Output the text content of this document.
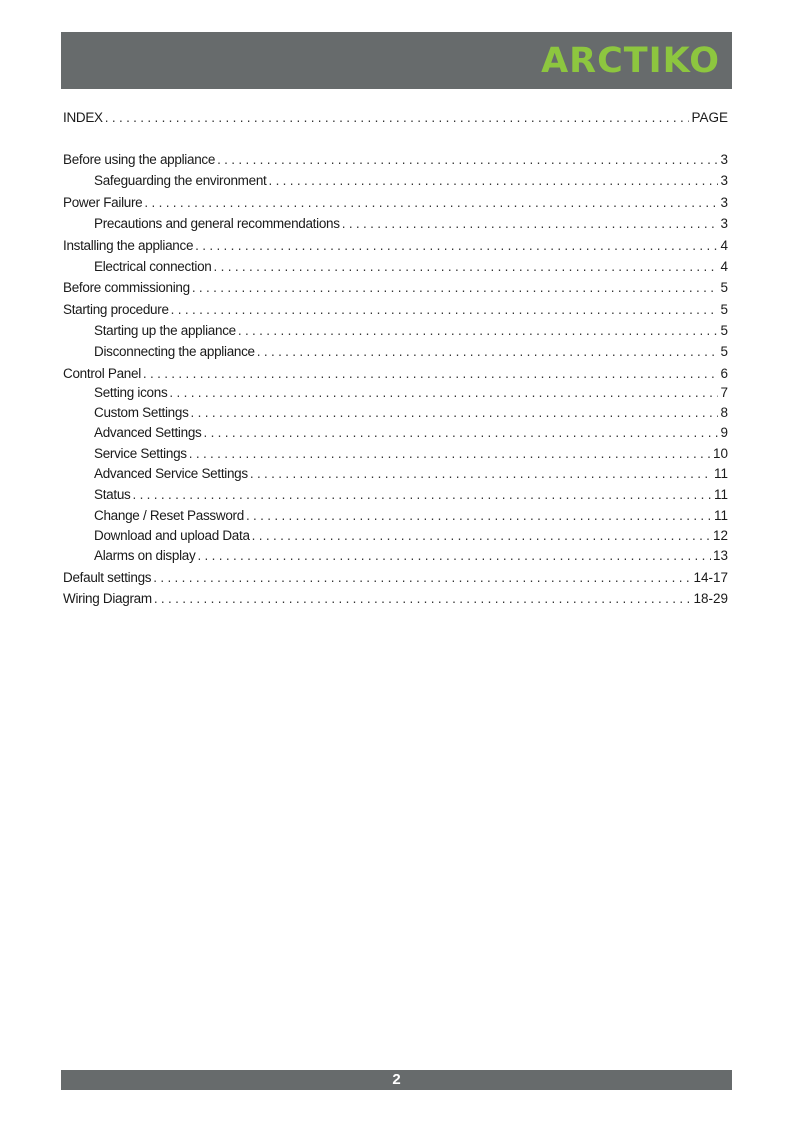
ARCTIKO
INDEX . . .	PAGE
Before using the appliance . . .	3
Safeguarding the environment . . .	3
Power Failure . . .	3
Precautions and general recommendations . . .	3
Installing the appliance . . .	4
Electrical connection . . .	4
Before commissioning . . .	5
Starting procedure . . .	5
Starting up the appliance . . .	5
Disconnecting the appliance . . .	5
Control Panel . . .	6
Setting icons . . .	7
Custom Settings . . .	8
Advanced Settings . . .	9
Service Settings . . .	10
Advanced Service Settings . . .	11
Status . . .	11
Change / Reset Password . . .	11
Download and upload Data . . .	12
Alarms on display . . .	13
Default settings . . .	14-17
Wiring Diagram . . .	18-29
2
